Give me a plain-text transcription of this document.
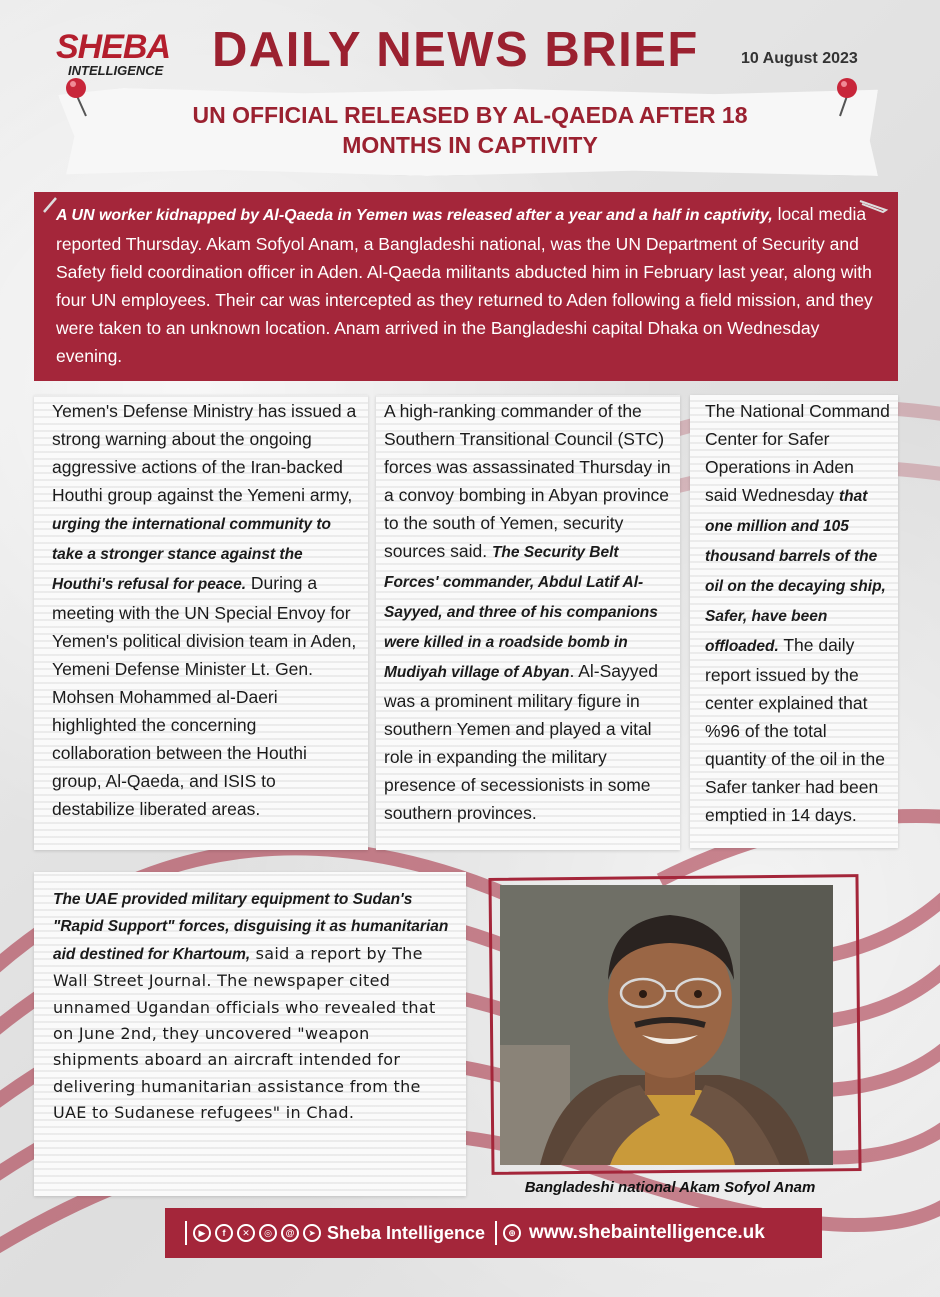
SHEBA
INTELLIGENCE DAILY NEWS BRIEF	10 August 2023
UN OFFICIAL RELEASED BY AL-QAEDA AFTER 18
MONTHS IN CAPTIVITY
A UN worker kidnapped by Al-Qaeda in Yemen was released after a year and a half in captivity, local media reported Thursday. Akam Sofyol Anam, a Bangladeshi national, was the UN Department of Security and Safety field coordination officer in Aden. Al-Qaeda militants abducted him in February last year, along with four UN employees. Their car was intercepted as they returned to Aden following a field mission, and they were taken to an unknown location. Anam arrived in the Bangladeshi capital Dhaka on Wednesday evening.
Yemen's Defense Ministry has issued a strong warning about the ongoing aggressive actions of the Iran-backed Houthi group against the Yemeni army, urging the international community to take a stronger stance against the Houthi's refusal for peace. During a meeting with the UN Special Envoy for Yemen's political division team in Aden, Yemeni Defense Minister Lt. Gen. Mohsen Mohammed al-Daeri highlighted the concerning collaboration between the Houthi group, Al-Qaeda, and ISIS to destabilize liberated areas.
A high-ranking commander of the Southern Transitional Council (STC) forces was assassinated Thursday in a convoy bombing in Abyan province to the south of Yemen, security sources said. The Security Belt Forces' commander, Abdul Latif Al-Sayyed, and three of his companions were killed in a roadside bomb in Mudiyah village of Abyan. Al-Sayyed was a prominent military figure in southern Yemen and played a vital role in expanding the military presence of secessionists in some southern provinces.
The National Command Center for Safer Operations in Aden said Wednesday that one million and 105 thousand barrels of the oil on the decaying ship, Safer, have been offloaded. The daily report issued by the center explained that %96 of the total quantity of the oil in the Safer tanker had been emptied in 14 days.
The UAE provided military equipment to Sudan's "Rapid Support" forces, disguising it as humanitarian aid destined for Khartoum, said a report by The Wall Street Journal. The newspaper cited unnamed Ugandan officials who revealed that on June 2nd, they uncovered "weapon shipments aboard an aircraft intended for delivering humanitarian assistance from the UAE to Sudanese refugees" in Chad.
Bangladeshi national Akam Sofyol Anam
▶	f	✕	◎	@	➤ Sheba Intelligence	⊕ www.shebaintelligence.uk
